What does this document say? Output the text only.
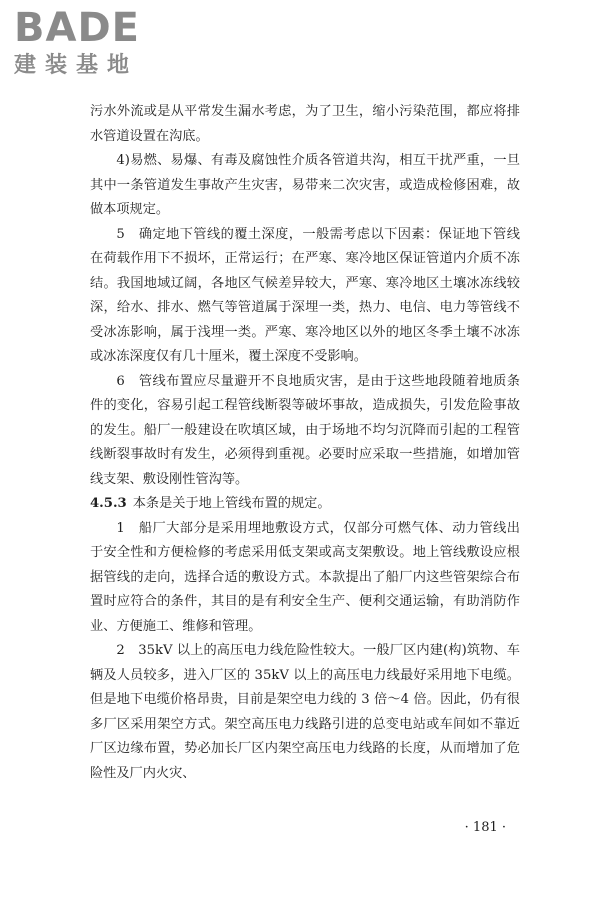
BADE
建装基地

污水外流或是从平常发生漏水考虑，为了卫生，缩小污染范围，都应将排水管道设置在沟底。

4)易燃、易爆、有毒及腐蚀性介质各管道共沟，相互干扰严重，一旦其中一条管道发生事故产生灾害，易带来二次灾害，或造成检修困难，故做本项规定。

5　确定地下管线的覆土深度，一般需考虑以下因素：保证地下管线在荷载作用下不损坏，正常运行；在严寒、寒冷地区保证管道内介质不冻结。我国地域辽阔，各地区气候差异较大，严寒、寒冷地区土壤冰冻线较深，给水、排水、燃气等管道属于深埋一类，热力、电信、电力等管线不受冰冻影响，属于浅埋一类。严寒、寒冷地区以外的地区冬季土壤不冰冻或冰冻深度仅有几十厘米，覆土深度不受影响。

6　管线布置应尽量避开不良地质灾害，是由于这些地段随着地质条件的变化，容易引起工程管线断裂等破坏事故，造成损失，引发危险事故的发生。船厂一般建设在吹填区域，由于场地不均匀沉降而引起的工程管线断裂事故时有发生，必须得到重视。必要时应采取一些措施，如增加管线支架、敷设刚性管沟等。

4.5.3 本条是关于地上管线布置的规定。

1　船厂大部分是采用埋地敷设方式，仅部分可燃气体、动力管线出于安全性和方便检修的考虑采用低支架或高支架敷设。地上管线敷设应根据管线的走向，选择合适的敷设方式。本款提出了船厂内这些管架综合布置时应符合的条件，其目的是有利安全生产、便利交通运输，有助消防作业、方便施工、维修和管理。

2　35kV 以上的高压电力线危险性较大。一般厂区内建(构)筑物、车辆及人员较多，进入厂区的 35kV 以上的高压电力线最好采用地下电缆。但是地下电缆价格昂贵，目前是架空电力线的 3 倍～4 倍。因此，仍有很多厂区采用架空方式。架空高压电力线路引进的总变电站或车间如不靠近厂区边缘布置，势必加长厂区内架空高压电力线路的长度，从而增加了危险性及厂内火灾、

· 181 ·
